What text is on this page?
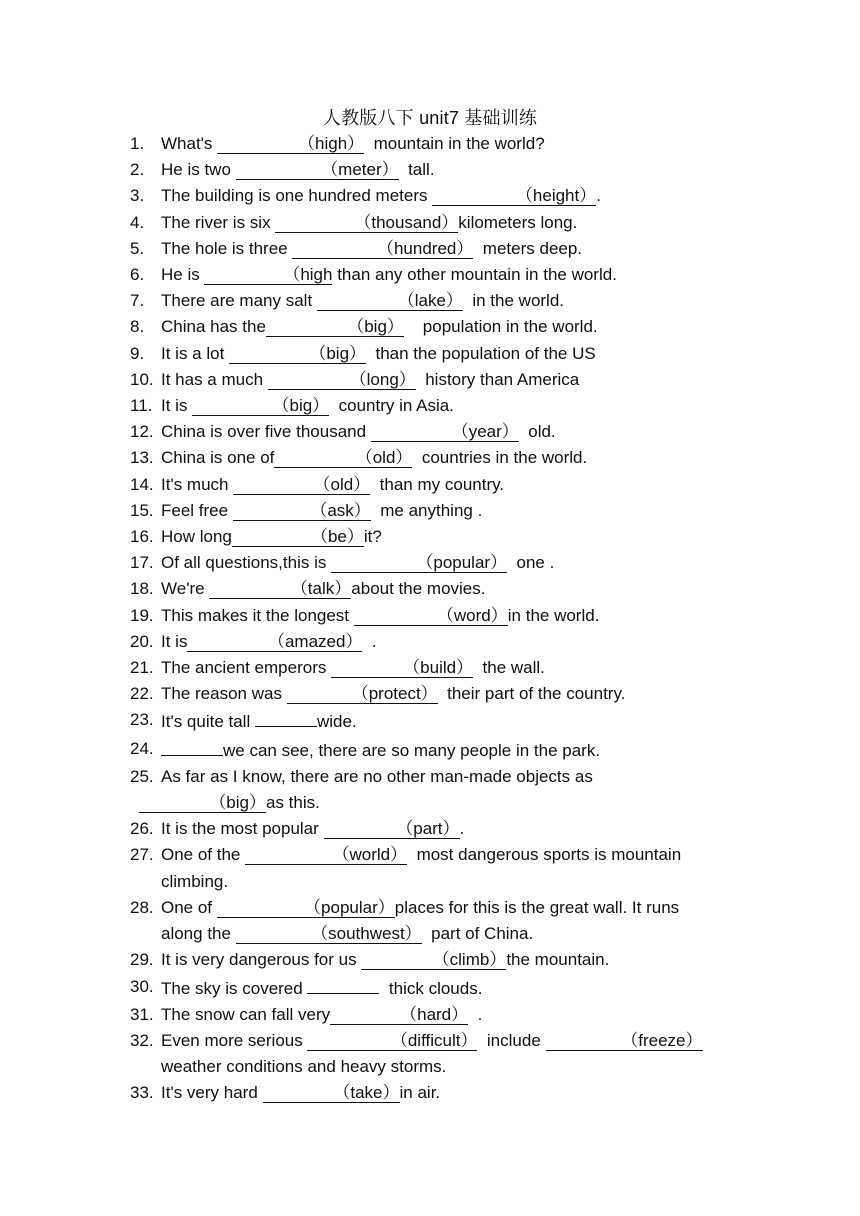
人教版八下 unit7 基础训练
1. What's	（high）  mountain in the world?
2. He is two	（meter）  tall.
3. The building is one hundred meters	（height）.
4. The river is six	（thousand）kilometers long.
5. The hole is three	（hundred）  meters deep.
6. He is	（high than any other mountain in the world.
7. There are many salt	（lake）  in the world.
8. China has the	（big）    population in the world.
9. It is a lot	（big）  than the population of the US
10. It has a much	（long）  history than America
11. It is	（big）  country in Asia.
12. China is over five thousand	（year）  old.
13. China is one of	（old）  countries in the world.
14. It's much	（old）  than my country.
15. Feel free	（ask）  me anything .
16. How long	（be）it?
17. Of all questions,this is	（popular）  one .
18. We're	（talk）about the movies.
19. This makes it the longest	（word）in the world.
20. It is	（amazed）  .
21. The ancient emperors	（build）  the wall.
22. The reason was	（protect）  their part of the country.
23. It's quite tall	wide.
24.	we can see, there are so many people in the park.
25. As far as I know, there are no other man-made objects as
（big）as this.
26. It is the most popular	（part）.
27. One of the	（world）  most dangerous sports is mountain
climbing.
28. One of	（popular）places for this is the great wall. It runs
along the	（southwest）  part of China.
29. It is very dangerous for us	（climb）the mountain.
30. The sky is covered	thick clouds.
31. The snow can fall very	（hard）  .
32. Even more serious	（difficult）  include	（freeze）
weather conditions and heavy storms.
33. It's very hard	（take）in air.
